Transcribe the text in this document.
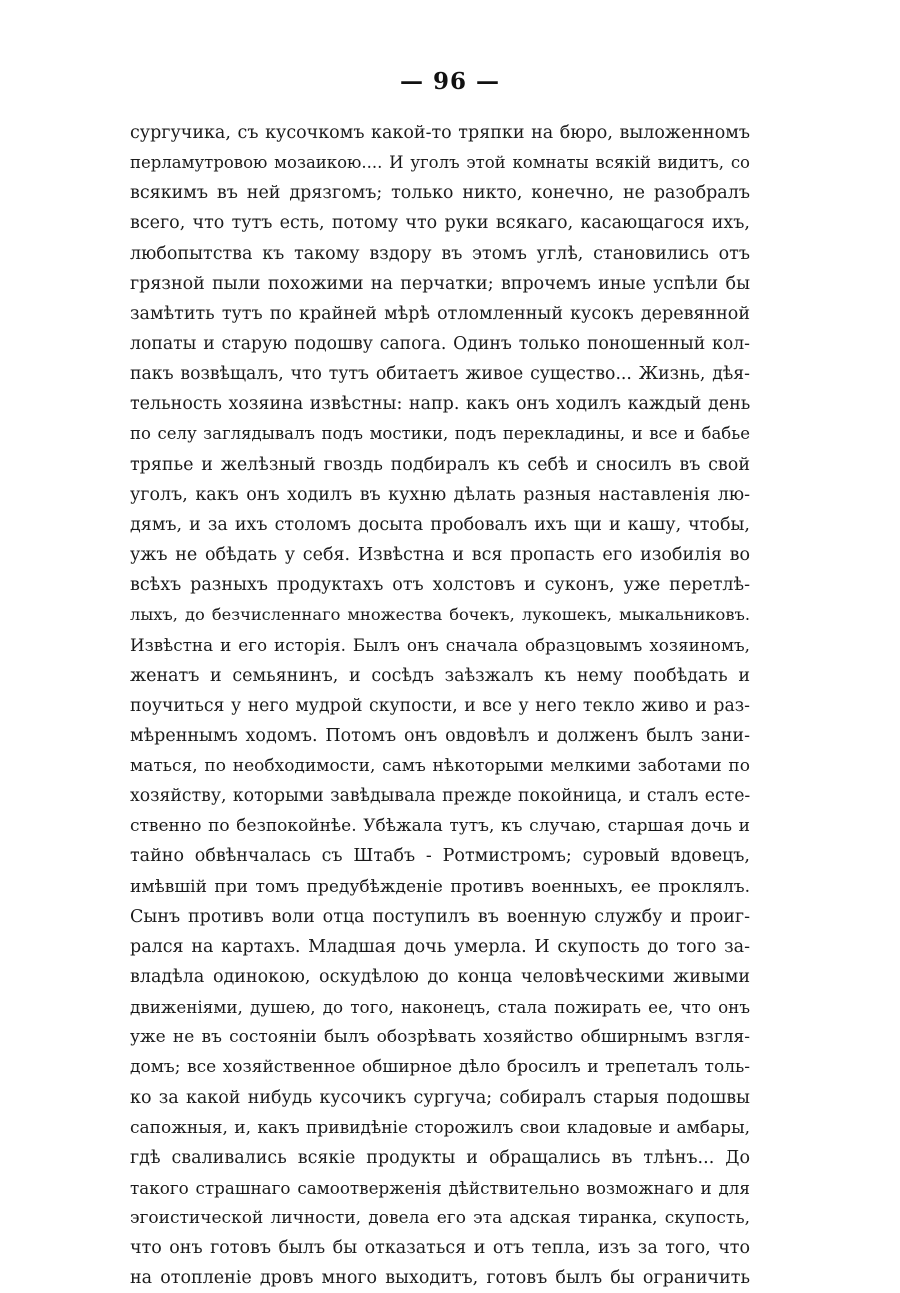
— 96 —
сургучика, съ кусочкомъ какой-то тряпки на бюро, выложенномъ
перламутровою мозаикою.... И уголъ этой комнаты всякій видитъ, со
всякимъ въ ней дрязгомъ; только никто, конечно, не разобралъ
всего, что тутъ есть, потому что руки всякаго, касающагося ихъ,
любопытства къ такому вздору въ этомъ углѣ, становились отъ
грязной пыли похожими на перчатки; впрочемъ иные успѣли бы
замѣтить тутъ по крайней мѣрѣ отломленный кусокъ деревянной
лопаты и старую подошву сапога. Одинъ только поношенный кол-
пакъ возвѣщалъ, что тутъ обитаетъ живое существо... Жизнь, дѣя-
тельность хозяина извѣстны: напр. какъ онъ ходилъ каждый день
по селу заглядывалъ подъ мостики, подъ перекладины, и все и бабье
тряпье и желѣзный гвоздь подбиралъ къ себѣ и сносилъ въ свой
уголъ, какъ онъ ходилъ въ кухню дѣлать разныя наставленія лю-
дямъ, и за ихъ столомъ досыта пробовалъ ихъ щи и кашу, чтобы,
ужъ не обѣдать у себя. Извѣстна и вся пропасть его изобилія во
всѣхъ разныхъ продуктахъ отъ холстовъ и суконъ, уже перетлѣ-
лыхъ, до безчисленнаго множества бочекъ, лукошекъ, мыкальниковъ.
Извѣстна и его исторія. Былъ онъ сначала образцовымъ хозяиномъ,
женатъ и семьянинъ, и сосѣдъ заѣзжалъ къ нему пообѣдать и
поучиться у него мудрой скупости, и все у него текло живо и раз-
мѣреннымъ ходомъ. Потомъ онъ овдовѣлъ и долженъ былъ зани-
маться, по необходимости, самъ нѣкоторыми мелкими заботами по
хозяйству, которыми завѣдывала прежде покойница, и сталъ есте-
ственно по безпокойнѣе. Убѣжала тутъ, къ случаю, старшая дочь и
тайно обвѣнчалась съ Штабъ - Ротмистромъ; суровый вдовецъ,
имѣвшій при томъ предубѣжденіе противъ военныхъ, ее проклялъ.
Сынъ противъ воли отца поступилъ въ военную службу и проиг-
рался на картахъ. Младшая дочь умерла. И скупость до того за-
владѣла одинокою, оскудѣлою до конца человѣческими живыми
движеніями, душею, до того, наконецъ, стала пожирать ее, что онъ
уже не въ состояніи былъ обозрѣвать хозяйство обширнымъ взгля-
домъ; все хозяйственное обширное дѣло бросилъ и трепеталъ толь-
ко за какой нибудь кусочикъ сургуча; собиралъ старыя подошвы
сапожныя, и, какъ привидѣніе сторожилъ свои кладовые и амбары,
гдѣ сваливались всякіе продукты и обращались въ тлѣнъ... До
такого страшнаго самоотверженія дѣйствительно возможнаго и для
эгоистической личности, довела его эта адская тиранка, скупость,
что онъ готовъ былъ бы отказаться и отъ тепла, изъ за того, что
на отопленіе дровъ много выходитъ, готовъ былъ бы ограничить
